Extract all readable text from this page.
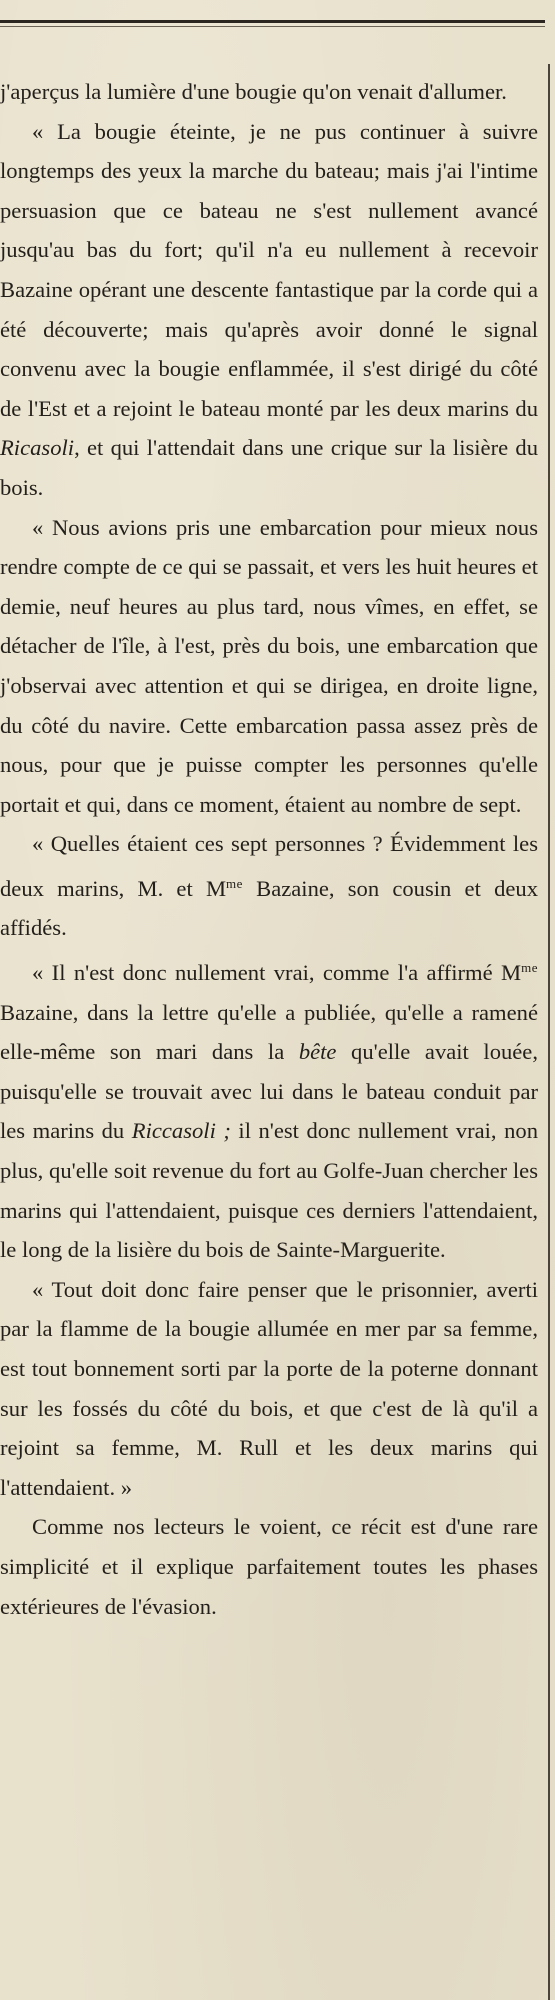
j'aperçus la lumière d'une bougie qu'on venait d'allumer.

« La bougie éteinte, je ne pus continuer à suivre longtemps des yeux la marche du bateau; mais j'ai l'intime persuasion que ce bateau ne s'est nullement avancé jusqu'au bas du fort; qu'il n'a eu nullement à recevoir Bazaine opérant une descente fantastique par la corde qui a été découverte; mais qu'après avoir donné le signal convenu avec la bougie enflammée, il s'est dirigé du côté de l'Est et a rejoint le bateau monté par les deux marins du Ricasoli, et qui l'attendait dans une crique sur la lisière du bois.

« Nous avions pris une embarcation pour mieux nous rendre compte de ce qui se passait, et vers les huit heures et demie, neuf heures au plus tard, nous vîmes, en effet, se détacher de l'île, à l'est, près du bois, une embarcation que j'observai avec attention et qui se dirigea, en droite ligne, du côté du navire. Cette embarcation passa assez près de nous, pour que je puisse compter les personnes qu'elle portait et qui, dans ce moment, étaient au nombre de sept.

« Quelles étaient ces sept personnes ? Évidemment les deux marins, M. et $M^{me}$ Bazaine, son cousin et deux affidés.

« Il n'est donc nullement vrai, comme l'a affirmé $M^{me}$ Bazaine, dans la lettre qu'elle a publiée, qu'elle a ramené elle-même son mari dans la bête qu'elle avait louée, puisqu'elle se trouvait avec lui dans le bateau conduit par les marins du Riccasoli ; il n'est donc nullement vrai, non plus, qu'elle soit revenue du fort au Golfe-Juan chercher les marins qui l'attendaient, puisque ces derniers l'attendaient, le long de la lisière du bois de Sainte-Marguerite.

« Tout doit donc faire penser que le prisonnier, averti par la flamme de la bougie allumée en mer par sa femme, est tout bonnement sorti par la porte de la poterne donnant sur les fossés du côté du bois, et que c'est de là qu'il a rejoint sa femme, M. Rull et les deux marins qui l'attendaient. »

Comme nos lecteurs le voient, ce récit est d'une rare simplicité et il explique parfaitement toutes les phases extérieures de l'évasion.
